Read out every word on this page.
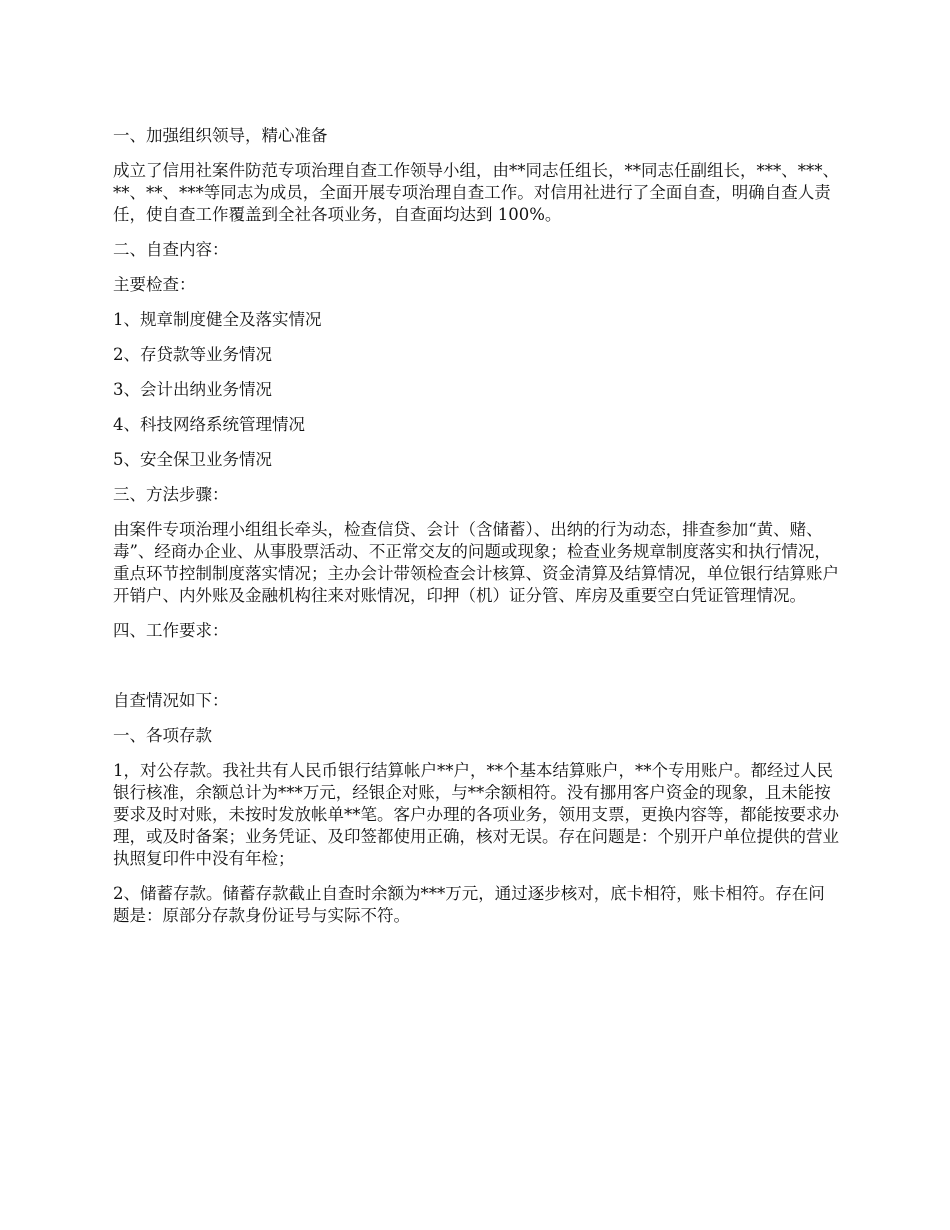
一、加强组织领导，精心准备

成立了信用社案件防范专项治理自查工作领导小组，由**同志任组长，**同志任副组长，***、***、**、**、***等同志为成员，全面开展专项治理自查工作。对信用社进行了全面自查，明确自查人责任，使自查工作覆盖到全社各项业务，自查面均达到 100%。

二、自查内容：

主要检查：

1、规章制度健全及落实情况

2、存贷款等业务情况

3、会计出纳业务情况

4、科技网络系统管理情况

5、安全保卫业务情况

三、方法步骤：

由案件专项治理小组组长牵头，检查信贷、会计（含储蓄）、出纳的行为动态，排查参加“黄、赌、毒”、经商办企业、从事股票活动、不正常交友的问题或现象；检查业务规章制度落实和执行情况，重点环节控制制度落实情况；主办会计带领检查会计核算、资金清算及结算情况，单位银行结算账户开销户、内外账及金融机构往来对账情况，印押（机）证分管、库房及重要空白凭证管理情况。

四、工作要求：

自查情况如下：

一、各项存款

1，对公存款。我社共有人民币银行结算帐户**户，**个基本结算账户，**个专用账户。都经过人民银行核准，余额总计为***万元，经银企对账，与**余额相符。没有挪用客户资金的现象，且未能按要求及时对账，未按时发放帐单**笔。客户办理的各项业务，领用支票，更换内容等，都能按要求办理，或及时备案；业务凭证、及印签都使用正确，核对无误。存在问题是：个别开户单位提供的营业执照复印件中没有年检；

2、储蓄存款。储蓄存款截止自查时余额为***万元，通过逐步核对，底卡相符，账卡相符。存在问题是：原部分存款身份证号与实际不符。
